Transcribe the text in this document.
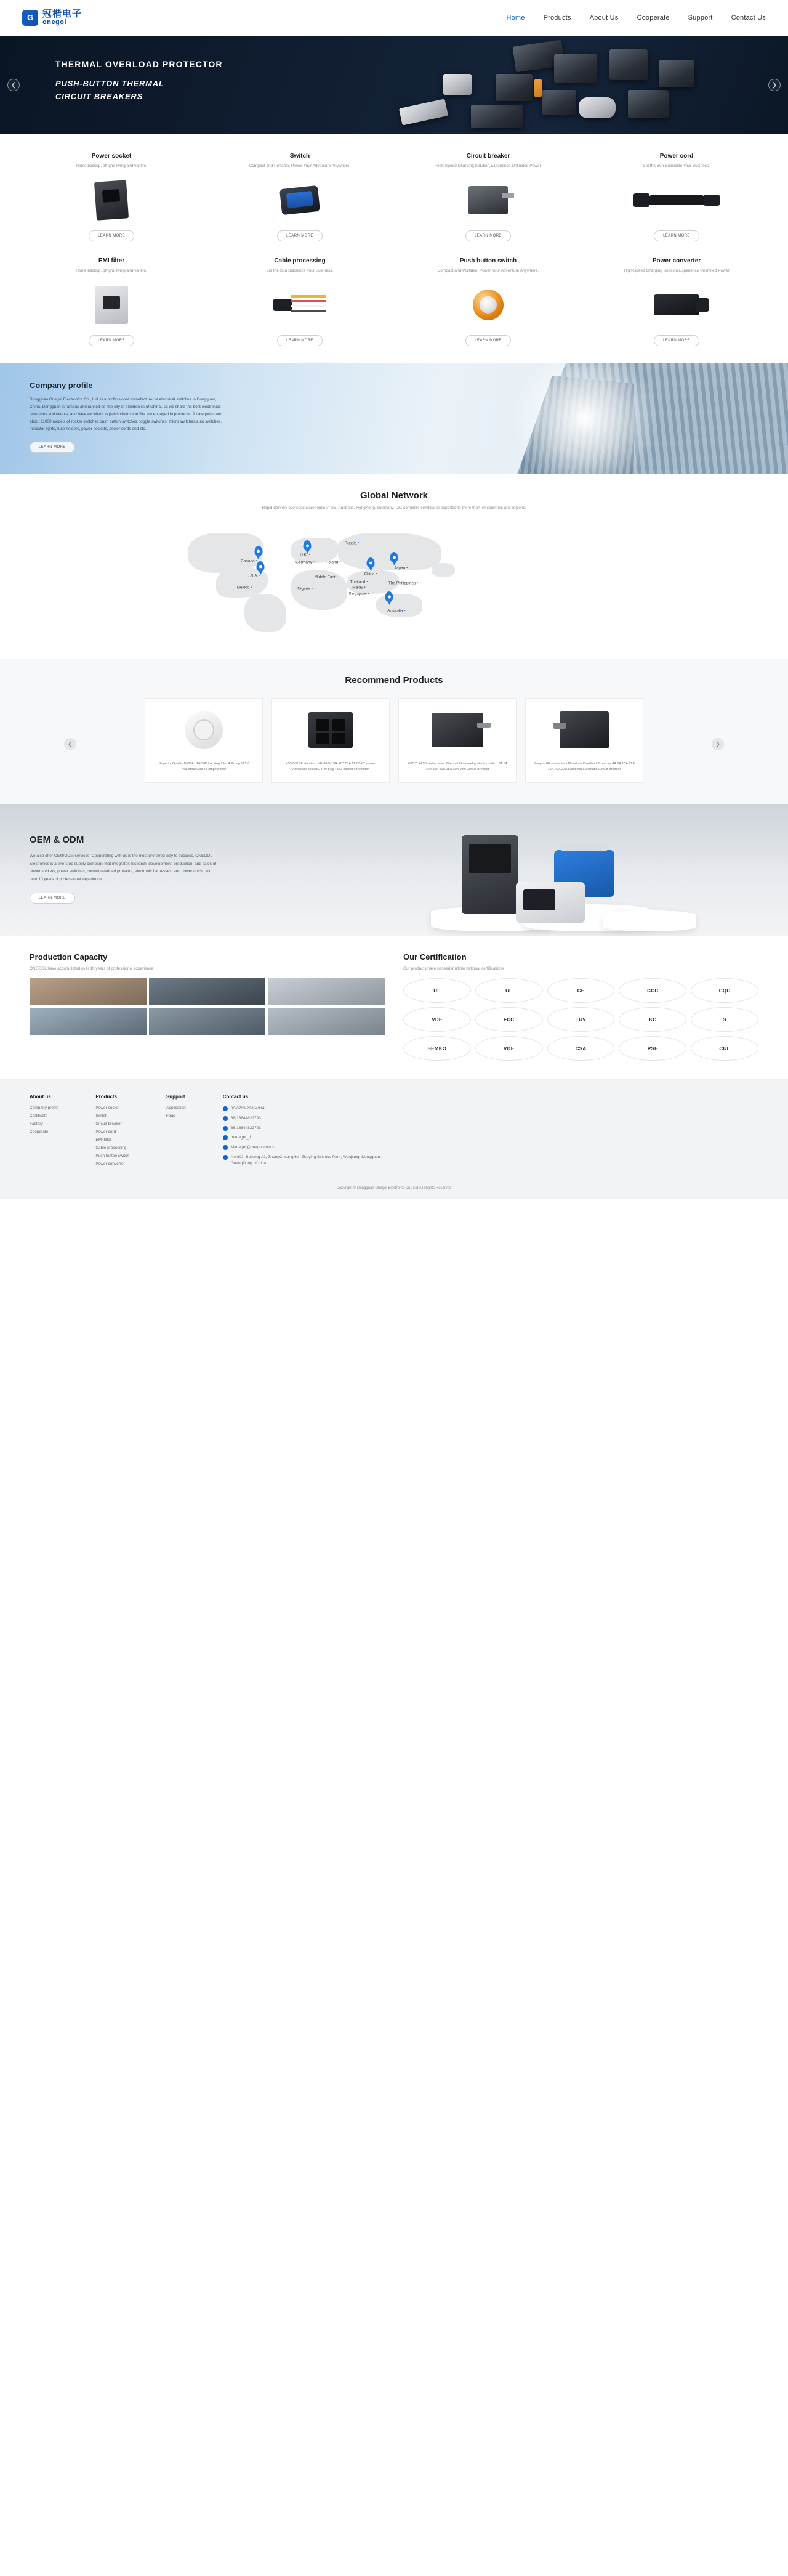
G 冠楷电子
onegol
Home	Products	About Us	Cooperate	Support	Contact Us
THERMAL OVERLOAD PROTECTOR
PUSH-BUTTON THERMAL
CIRCUIT BREAKERS
❮	❯
Power socket

Home backup, off-grid living and vanlife.

LEARN MORE
Switch

Compact and Portable, Power Your Adventure Anywhere.

LEARN MORE
Circuit breaker

High-Speed Charging Solution,Experience Unlimited Power

LEARN MORE
Power cord

Let the Sun Subsidize Your Business.

LEARN MORE
EMI filter

Home backup, off-grid living and vanlife.

LEARN MORE
Cable processing

Let the Sun Subsidize Your Business.

LEARN MORE
Push button switch

Compact and Portable, Power Your Adventure Anywhere.

LEARN MORE
Power converter

High-Speed Charging Solution,Experience Unlimited Power

LEARN MORE
Company profile

Dongguan Onegol Electronics Co., Ltd. is a professional manufacturer of electrical switches in Dongguan, China. Dongguan is famous and ranked as 'the city of electronics of China', so we share the best electronics resources and talents, and have excellent logistics chains too.We are engaged in producing 9 categories and about 11000 models of rocker switches,push button switches, toggle switches, micro switches,auto switches, indicator lights, fuse holders, power sockets, power cords and etc.

LEARN MORE
Global Network

Rapid delivery overseas warehouse in US, Australia. HongKong, Germany, UK, complete certificates exported to more than 70 countries and regions.

Canada •
U.S.A. •
Mexico •
U.K. •
Germany •	Poland •
Russia •
China •
Japan •
Middle East •
Nigeria •
Thailand •
Malay •
Singapore •
The Philippines •
Australia •
Recommend Products
❮	❯
Superior Quality NEMA L14-30P Locking Inlet 4 Prong 125V Industrial Cable Flanged Inlet
45*45 USA standard NEMA 5-15R IEC 15A 125V AC power American socket 2 PIN plug PDU socket connector
KUOYUH 98 series reset Thermal Overload protector switch 3A 5A 10A 15A 20A 25A 30A Mini Circuit Breaker
Kuoyuh 88 series Mini Miniature Overload Protector 4A 8A 10A 12A 15A 20A 27A Electrical automatic Circuit Breaker
OEM & ODM

We also offer OEM/ODM services. Cooperating with us is the most preferred way to success. ONEGOL Electronics is a one-stop supply company that integrates research, development, production, and sales of power sockets, power switches, current overload protector, electronic harnesses, and power cords, with over 10 years of professional experience.

LEARN MORE
Production Capacity

ONEGOL have accumulated over 10 years of professional experience

Our Certification

Our products have passed multiple national certifications

UL	UL	CE	CCC	CQC
VDE	FCC	TUV	KC	S
SEMKO	VDE	CSA	PSE	CUL
About us
Company profile
Certificate
Factory
Cooperate
Products
Power socket
Switch
Circuit breaker
Power cord
EMI filter
Cable processing
Push button switch
Power converter
Support
Application
Faqs
Contact us
86-0769-22304914
86-13644822793
86-13644822793
manager_lI
Manager@onegol.com.cn
No.602, Building A2, ZhongChuangHui, Zhuying Science Park, Wanjiang, Dongguan , GuangDong , China
Copyright © Dongguan Onegol Electronic Co., Ltd All Rights Reserved
